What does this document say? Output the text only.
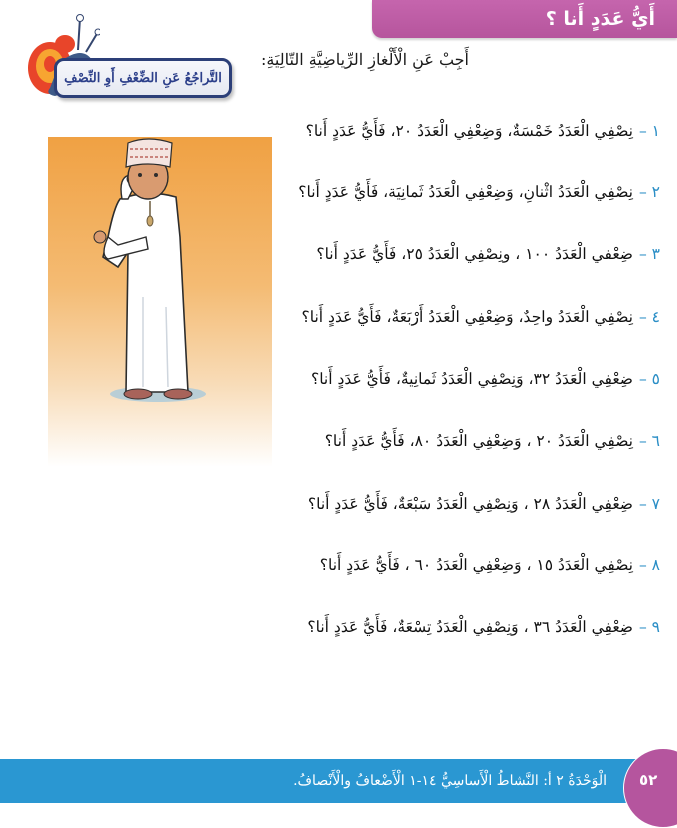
أَيُّ عَدَدٍ أَنا ؟
أَجِبْ عَنِ الْأَلْغازِ الرِّياضِيَّةِ التّالِيَةِ:
التَّراجُعُ عَنِ الضِّعْفِ أَوِ النِّصْفِ
١ –نِصْفِي الْعَدَدُ خَمْسَةٌ، وَضِعْفِي الْعَدَدُ ٢٠، فَأَيُّ عَدَدٍ أَنا؟
٢ –نِصْفِي الْعَدَدُ اثْنانِ، وَضِعْفِي الْعَدَدُ ثَمانِيَة، فَأَيُّ عَدَدٍ أَنا؟
٣ –ضِعْفي الْعَدَدُ ١٠٠ ، ونِصْفِي الْعَدَدُ ٢٥، فَأَيُّ عَدَدٍ أَنا؟
٤ –نِصْفِي الْعَدَدُ واحِدٌ، وَضِعْفِي الْعَدَدُ أَرْبَعَةٌ، فَأَيُّ عَدَدٍ أَنا؟
٥ –ضِعْفِي الْعَدَدُ ٣٢، وَنِصْفِي الْعَدَدُ ثَمانِيةٌ، فَأَيُّ عَدَدٍ أَنا؟
٦ –نِصْفِي الْعَدَدُ ٢٠ ، وَضِعْفِي الْعَدَدُ ٨٠، فَأَيُّ عَدَدٍ أَنا؟
٧ –ضِعْفِي الْعَدَدُ ٢٨ ، وَنِصْفِي الْعَدَدُ سَبْعَةٌ، فَأَيُّ عَدَدٍ أَنا؟
٨ –نِصْفِي الْعَدَدُ ١٥ ، وَضِعْفِي الْعَدَدُ ٦٠ ، فَأَيُّ عَدَدٍ أَنا؟
٩ –ضِعْفِي الْعَدَدُ ٣٦ ، وَنِصْفِي الْعَدَدُ تِسْعَةٌ، فَأَيُّ عَدَدٍ أَنا؟
الْوَحْدَةُ ٢ أ: النَّشاطُ الْأَساسِيُّ ١٤-١ الْأَضْعافُ والْأَنْصافُ. ٥٢
